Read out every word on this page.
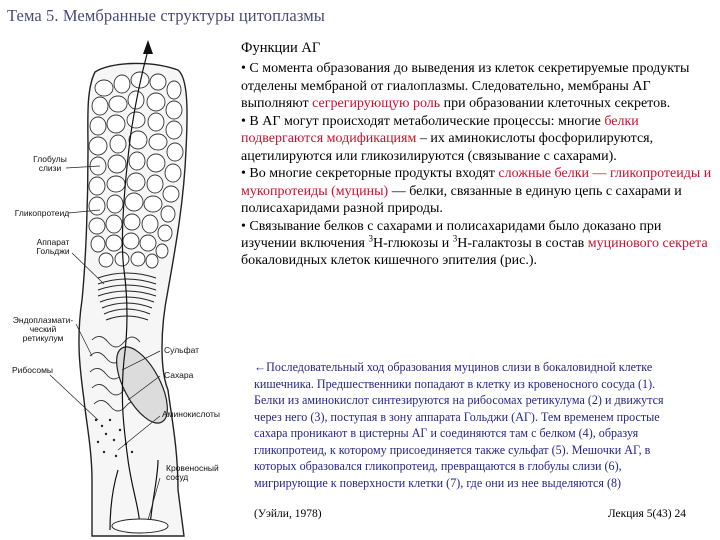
Тема 5. Мембранные структуры цитоплазмы
Глобулы слизи
Гликопротеид
Аппарат Гольджи
Эндоплазмати-ческий ретикулум
Рибосомы
Сульфат
Сахара
Аминокислоты
Кровеносный сосуд
Функции АГ

• С момента образования до выведения из клеток секретируемые продукты отделены мембраной от гиалоплазмы. Следовательно, мембраны АГ выполняют сегрегирующую роль при образовании клеточных секретов.

• В АГ могут происходят метаболические процессы: многие белки подвергаются модификациям – их аминокислоты фосфорилируются, ацетилируются или гликозилируются (связывание с сахарами).

• Во многие секреторные продукты входят сложные белки — гликопротеиды и мукопротеиды (муцины) — белки, связанные в единую цепь с сахарами и полисахаридами разной природы.

• Связывание белков с сахарами и полисахаридами было доказано при изучении включения $^3$Н-глюкозы и $^3$Н-галактозы в состав муцинового секрета бокаловидных клеток кишечного эпителия (рис.).

←Последовательный ход образования муцинов слизи в бокаловидной клетке кишечника. Предшественники попадают в клетку из кровеносного сосуда (1). Белки из аминокислот синтезируются на рибосомах ретикулума (2) и движутся через него (3), поступая в зону аппарата Гольджи (АГ). Тем временем простые сахара проникают в цистерны АГ и соединяются там с белком (4), образуя гликопротеид, к которому присоединяется также сульфат (5). Мешочки АГ, в которых образовался гликопротеид, превращаются в глобулы слизи (6), мигрирующие к поверхности клетки (7), где они из нее выделяются (8)
(Уэйли, 1978)	Лекция 5(43) 24
